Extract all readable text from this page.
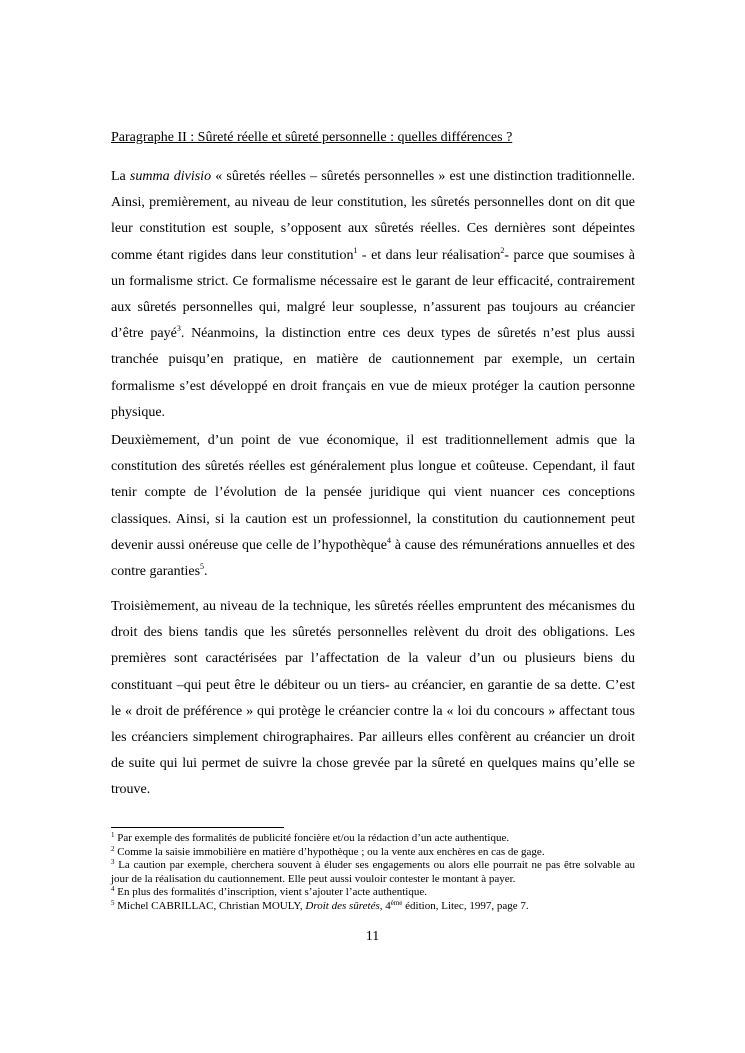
Paragraphe II : Sûreté réelle et sûreté personnelle : quelles différences ?

La summa divisio « sûretés réelles – sûretés personnelles » est une distinction traditionnelle. Ainsi, premièrement, au niveau de leur constitution, les sûretés personnelles dont on dit que leur constitution est souple, s’opposent aux sûretés réelles. Ces dernières sont dépeintes comme étant rigides dans leur constitution$^1$ - et dans leur réalisation$^2$- parce que soumises à un formalisme strict. Ce formalisme nécessaire est le garant de leur efficacité, contrairement aux sûretés personnelles qui, malgré leur souplesse, n’assurent pas toujours au créancier d’être payé$^3$. Néanmoins, la distinction entre ces deux types de sûretés n’est plus aussi tranchée puisqu’en pratique, en matière de cautionnement par exemple, un certain formalisme s’est développé en droit français en vue de mieux protéger la caution personne physique.

Deuxièmement, d’un point de vue économique, il est traditionnellement admis que la constitution des sûretés réelles est généralement plus longue et coûteuse. Cependant, il faut tenir compte de l’évolution de la pensée juridique qui vient nuancer ces conceptions classiques. Ainsi, si la caution est un professionnel, la constitution du cautionnement peut devenir aussi onéreuse que celle de l’hypothèque$^4$ à cause des rémunérations annuelles et des contre garanties$^5$.

Troisièmement, au niveau de la technique, les sûretés réelles empruntent des mécanismes du droit des biens tandis que les sûretés personnelles relèvent du droit des obligations. Les premières sont caractérisées par l’affectation de la valeur d’un ou plusieurs biens du constituant –qui peut être le débiteur ou un tiers- au créancier, en garantie de sa dette. C’est le « droit de préférence » qui protège le créancier contre la « loi du concours » affectant tous les créanciers simplement chirographaires. Par ailleurs elles confèrent au créancier un droit de suite qui lui permet de suivre la chose grevée par la sûreté en quelques mains qu’elle se trouve.

$^1$ Par exemple des formalités de publicité foncière et/ou la rédaction d’un acte authentique.

$^2$ Comme la saisie immobilière en matière d’hypothèque ; ou la vente aux enchères en cas de gage.

$^3$ La caution par exemple, cherchera souvent à éluder ses engagements ou alors elle pourrait ne pas être solvable au jour de la réalisation du cautionnement. Elle peut aussi vouloir contester le montant à payer.

$^4$ En plus des formalités d’inscription, vient s’ajouter l’acte authentique.

$^5$ Michel CABRILLAC, Christian MOULY, Droit des sûretés, 4ème édition, Litec, 1997, page 7.

11
